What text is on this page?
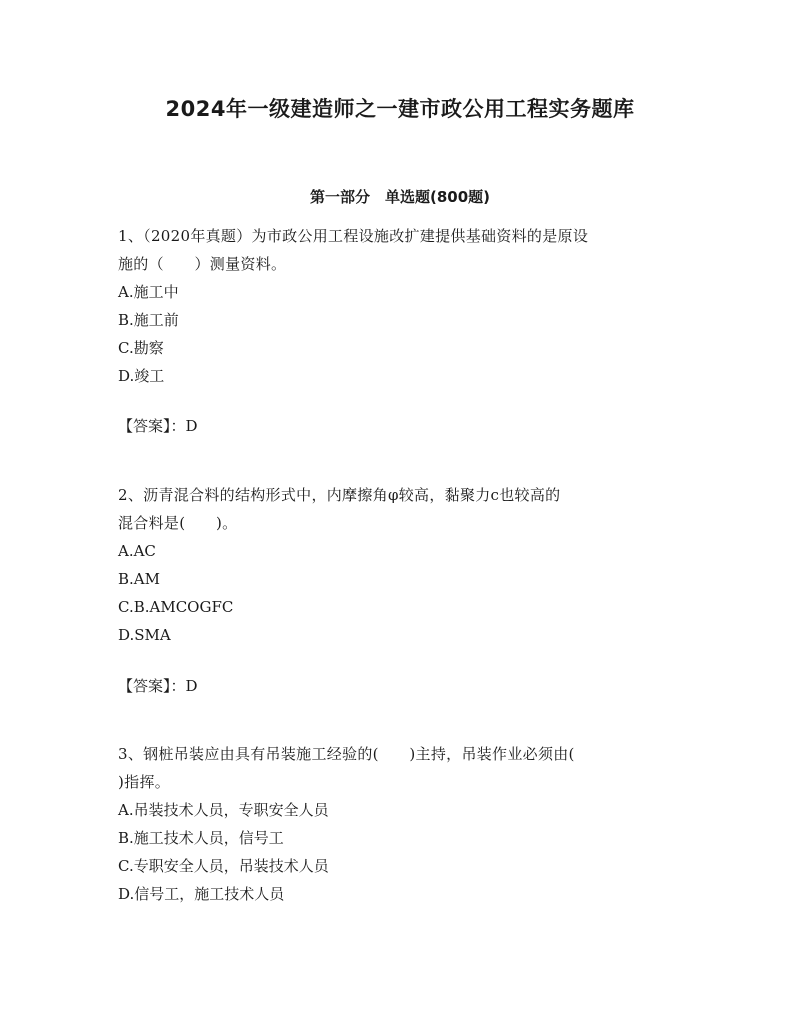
2024年一级建造师之一建市政公用工程实务题库
第一部分　单选题(800题)
1、（2020年真题）为市政公用工程设施改扩建提供基础资料的是原设
施的（　　）测量资料。
A.施工中
B.施工前
C.勘察
D.竣工
【答案】：D
2、沥青混合料的结构形式中，内摩擦角φ较高，黏聚力c也较高的
混合料是(　　)。
A.AC
B.AM
C.B.AMCOGFC
D.SMA
【答案】：D
3、钢桩吊装应由具有吊装施工经验的(　　)主持，吊装作业必须由(
)指挥。
A.吊装技术人员，专职安全人员
B.施工技术人员，信号工
C.专职安全人员，吊装技术人员
D.信号工，施工技术人员
